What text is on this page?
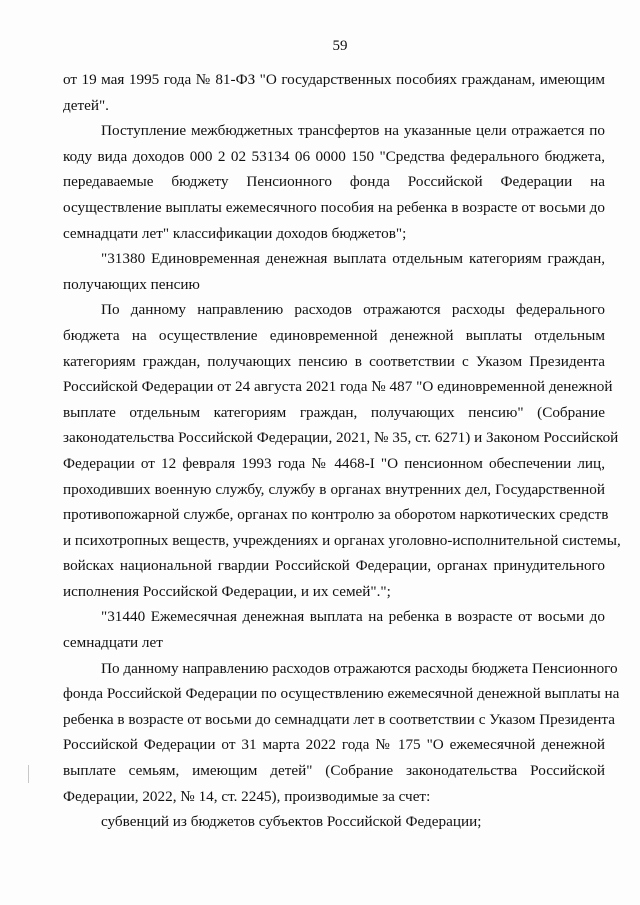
59
от 19 мая 1995 года № 81-ФЗ "О государственных пособиях гражданам, имеющим
детей".
Поступление межбюджетных трансфертов на указанные цели отражается по
коду вида доходов 000 2 02 53134 06 0000 150 "Средства федерального бюджета,
передаваемые бюджету Пенсионного фонда Российской Федерации на
осуществление выплаты ежемесячного пособия на ребенка в возрасте от восьми до
семнадцати лет" классификации доходов бюджетов";
"31380 Единовременная денежная выплата отдельным категориям граждан,
получающих пенсию
По данному направлению расходов отражаются расходы федерального
бюджета на осуществление единовременной денежной выплаты отдельным
категориям граждан, получающих пенсию в соответствии с Указом Президента
Российской Федерации от 24 августа 2021 года № 487 "О единовременной денежной
выплате отдельным категориям граждан, получающих пенсию" (Собрание
законодательства Российской Федерации, 2021, № 35, ст. 6271) и Законом Российской
Федерации от 12 февраля 1993 года № 4468-I "О пенсионном обеспечении лиц,
проходивших военную службу, службу в органах внутренних дел, Государственной
противопожарной службе, органах по контролю за оборотом наркотических средств
и психотропных веществ, учреждениях и органах уголовно-исполнительной системы,
войсках национальной гвардии Российской Федерации, органах принудительного
исполнения Российской Федерации, и их семей".";
"31440 Ежемесячная денежная выплата на ребенка в возрасте от восьми до
семнадцати лет
По данному направлению расходов отражаются расходы бюджета Пенсионного
фонда Российской Федерации по осуществлению ежемесячной денежной выплаты на
ребенка в возрасте от восьми до семнадцати лет в соответствии с Указом Президента
Российской Федерации от 31 марта 2022 года № 175 "О ежемесячной денежной
выплате семьям, имеющим детей" (Собрание законодательства Российской
Федерации, 2022, № 14, ст. 2245), производимые за счет:
субвенций из бюджетов субъектов Российской Федерации;
